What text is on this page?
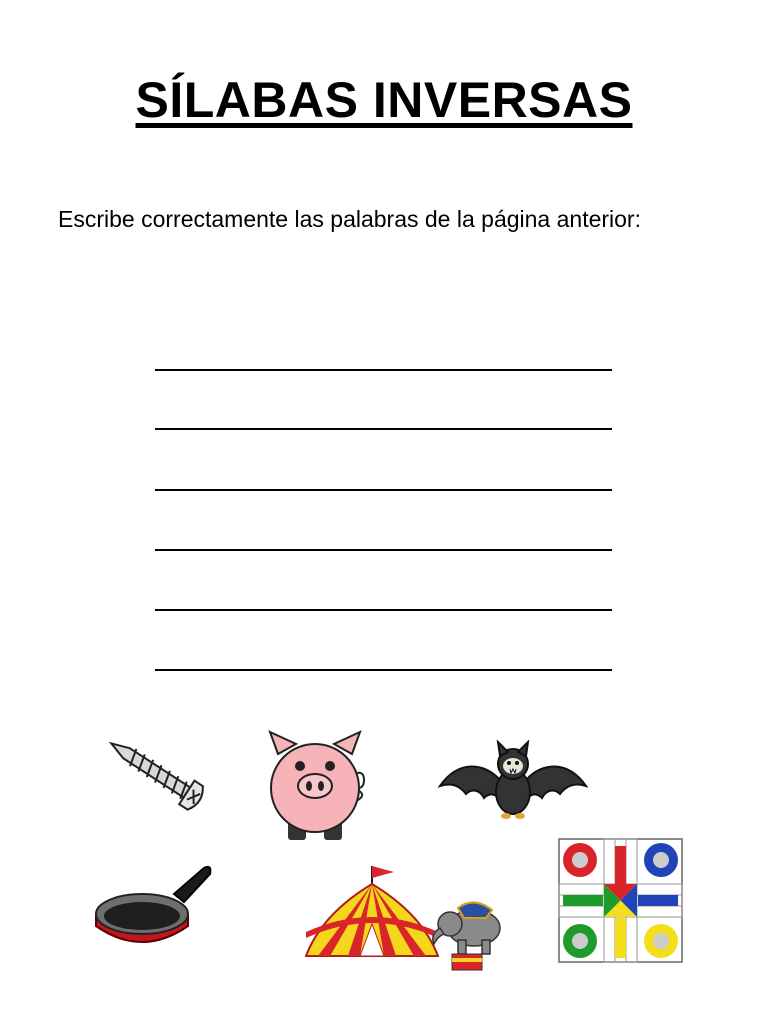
SÍLABAS INVERSAS
Escribe correctamente las palabras de la página anterior:
